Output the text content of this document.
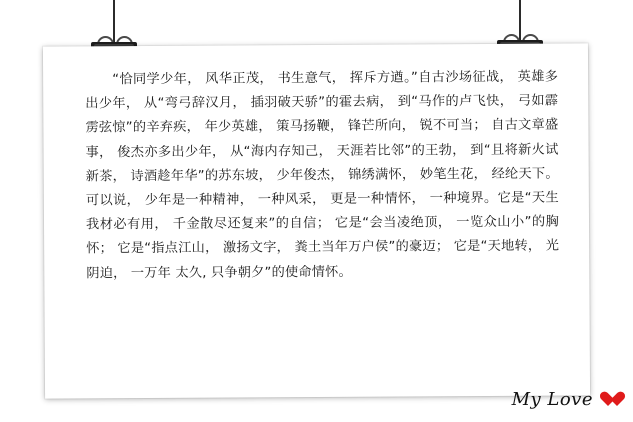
　　“恰同学少年， 风华正茂， 书生意气， 挥斥方遒。”自古沙场征战， 英雄多 出少年， 从“弯弓辞汉月， 插羽破天骄”的霍去病， 到“马作的卢飞快， 弓如霹 雳弦惊”的辛弃疾， 年少英雄， 策马扬鞭， 锋芒所向， 锐不可当； 自古文章盛事， 俊杰亦多出少年， 从“海内存知己， 天涯若比邻”的王勃， 到“且将新火试新茶， 诗酒趁年华”的苏东坡， 少年俊杰， 锦绣满怀， 妙笔生花， 经纶天下。可以说， 少年是一种精神， 一种风采， 更是一种情怀， 一种境界。它是“天生我材必有用， 千金散尽还复来”的自信； 它是“会当凌绝顶， 一览众山小”的胸怀； 它是“指点江山， 激扬文字， 粪土当年万户侯”的豪迈； 它是“天地转， 光阴迫， 一万年 太久, 只争朝夕”的使命情怀。
My Love
